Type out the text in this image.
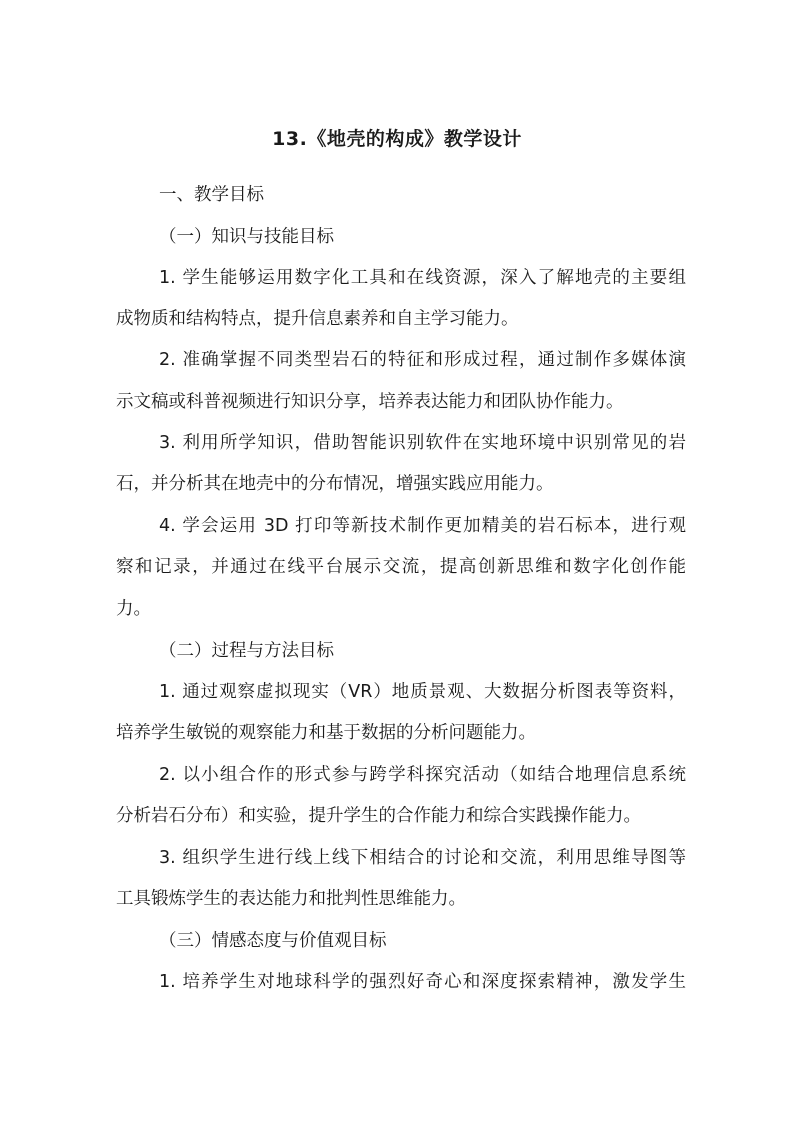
13.《地壳的构成》教学设计
一、教学目标
（一）知识与技能目标
1. 学生能够运用数字化工具和在线资源，深入了解地壳的主要组
成物质和结构特点，提升信息素养和自主学习能力。
2. 准确掌握不同类型岩石的特征和形成过程，通过制作多媒体演
示文稿或科普视频进行知识分享，培养表达能力和团队协作能力。
3. 利用所学知识，借助智能识别软件在实地环境中识别常见的岩
石，并分析其在地壳中的分布情况，增强实践应用能力。
4. 学会运用 3D 打印等新技术制作更加精美的岩石标本，进行观
察和记录，并通过在线平台展示交流，提高创新思维和数字化创作能
力。
（二）过程与方法目标
1. 通过观察虚拟现实（VR）地质景观、大数据分析图表等资料，
培养学生敏锐的观察能力和基于数据的分析问题能力。
2. 以小组合作的形式参与跨学科探究活动（如结合地理信息系统
分析岩石分布）和实验，提升学生的合作能力和综合实践操作能力。
3. 组织学生进行线上线下相结合的讨论和交流，利用思维导图等
工具锻炼学生的表达能力和批判性思维能力。
（三）情感态度与价值观目标
1. 培养学生对地球科学的强烈好奇心和深度探索精神，激发学生
